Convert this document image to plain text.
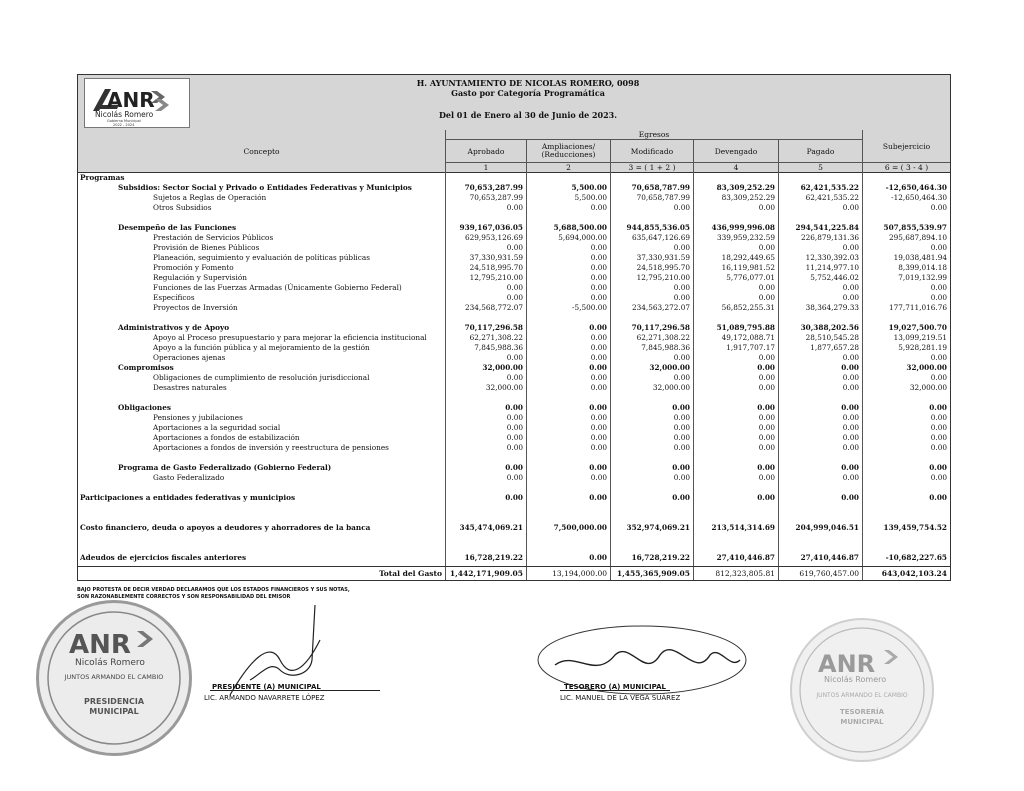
ANR
Nicolás Romero
Gobierno Municipal
2022 - 2024
H. AYUNTAMIENTO DE NICOLAS ROMERO, 0098
Gasto por Categoría Programática
Del 01 de Enero al 30 de Junio de 2023.
Concepto
Egresos
Aprobado	Ampliaciones/ (Reducciones)	Modificado	Devengado	Pagado
Subejercicio
1	2	3 = ( 1 + 2 )	4	5	6 = ( 3 - 4 )
Programas
Subsidios: Sector Social y Privado o Entidades Federativas y Municipios	70,653,287.99	5,500.00	70,658,787.99	83,309,252.29	62,421,535.22	-12,650,464.30
Sujetos a Reglas de Operación	70,653,287.99	5,500.00	70,658,787.99	83,309,252.29	62,421,535.22	-12,650,464.30
Otros Subsidios	0.00	0.00	0.00	0.00	0.00	0.00
Desempeño de las Funciones	939,167,036.05	5,688,500.00	944,855,536.05	436,999,996.08	294,541,225.84	507,855,539.97
Prestación de Servicios Públicos	629,953,126.69	5,694,000.00	635,647,126.69	339,959,232.59	226,879,131.36	295,687,894.10
Provisión de Bienes Públicos	0.00	0.00	0.00	0.00	0.00	0.00
Planeación, seguimiento y evaluación de políticas públicas	37,330,931.59	0.00	37,330,931.59	18,292,449.65	12,330,392.03	19,038,481.94
Promoción y Fomento	24,518,995.70	0.00	24,518,995.70	16,119,981.52	11,214,977.10	8,399,014.18
Regulación y Supervisión	12,795,210.00	0.00	12,795,210.00	5,776,077.01	5,752,446.02	7,019,132.99
Funciones de las Fuerzas Armadas (Únicamente Gobierno Federal)	0.00	0.00	0.00	0.00	0.00	0.00
Específicos	0.00	0.00	0.00	0.00	0.00	0.00
Proyectos de Inversión	234,568,772.07	-5,500.00	234,563,272.07	56,852,255.31	38,364,279.33	177,711,016.76
Administrativos y de Apoyo	70,117,296.58	0.00	70,117,296.58	51,089,795.88	30,388,202.56	19,027,500.70
Apoyo al Proceso presupuestario y para mejorar la eficiencia institucional	62,271,308.22	0.00	62,271,308.22	49,172,088.71	28,510,545.28	13,099,219.51
Apoyo a la función pública y al mejoramiento de la gestión	7,845,988.36	0.00	7,845,988.36	1,917,707.17	1,877,657.28	5,928,281.19
Operaciones ajenas	0.00	0.00	0.00	0.00	0.00	0.00
Compromisos	32,000.00	0.00	32,000.00	0.00	0.00	32,000.00
Obligaciones de cumplimiento de resolución jurisdiccional	0.00	0.00	0.00	0.00	0.00	0.00
Desastres naturales	32,000.00	0.00	32,000.00	0.00	0.00	32,000.00
Obligaciones	0.00	0.00	0.00	0.00	0.00	0.00
Pensiones y jubilaciones	0.00	0.00	0.00	0.00	0.00	0.00
Aportaciones a la seguridad social	0.00	0.00	0.00	0.00	0.00	0.00
Aportaciones a fondos de estabilización	0.00	0.00	0.00	0.00	0.00	0.00
Aportaciones a fondos de inversión y reestructura de pensiones	0.00	0.00	0.00	0.00	0.00	0.00
Programa de Gasto Federalizado (Gobierno Federal)	0.00	0.00	0.00	0.00	0.00	0.00
Gasto Federalizado	0.00	0.00	0.00	0.00	0.00	0.00
Participaciones a entidades federativas y municipios	0.00	0.00	0.00	0.00	0.00	0.00
Costo financiero, deuda o apoyos a deudores y ahorradores de la banca	345,474,069.21	7,500,000.00	352,974,069.21	213,514,314.69	204,999,046.51	139,459,754.52
Adeudos de ejercicios fiscales anteriores	16,728,219.22	0.00	16,728,219.22	27,410,446.87	27,410,446.87	-10,682,227.65
Total del Gasto	1,442,171,909.05	13,194,000.00	1,455,365,909.05	812,323,805.81	619,760,457.00	643,042,103.24
BAJO PROTESTA DE DECIR VERDAD DECLARAMOS QUE LOS ESTADOS FINANCIEROS Y SUS NOTAS,
SON RAZONABLEMENTE CORRECTOS Y SON RESPONSABILIDAD DEL EMISOR
ANR
Nicolás Romero
JUNTOS ARMANDO EL CAMBIO
PRESIDENCIA
MUNICIPAL
PRESIDENTE (A) MUNICIPAL
LIC. ARMANDO NAVARRETE LÓPEZ
TESORERO (A) MUNICIPAL
LIC. MANUEL DE LA VEGA SUÁREZ
ANR
Nicolás Romero
JUNTOS ARMANDO EL CAMBIO
TESORERÍA
MUNICIPAL
